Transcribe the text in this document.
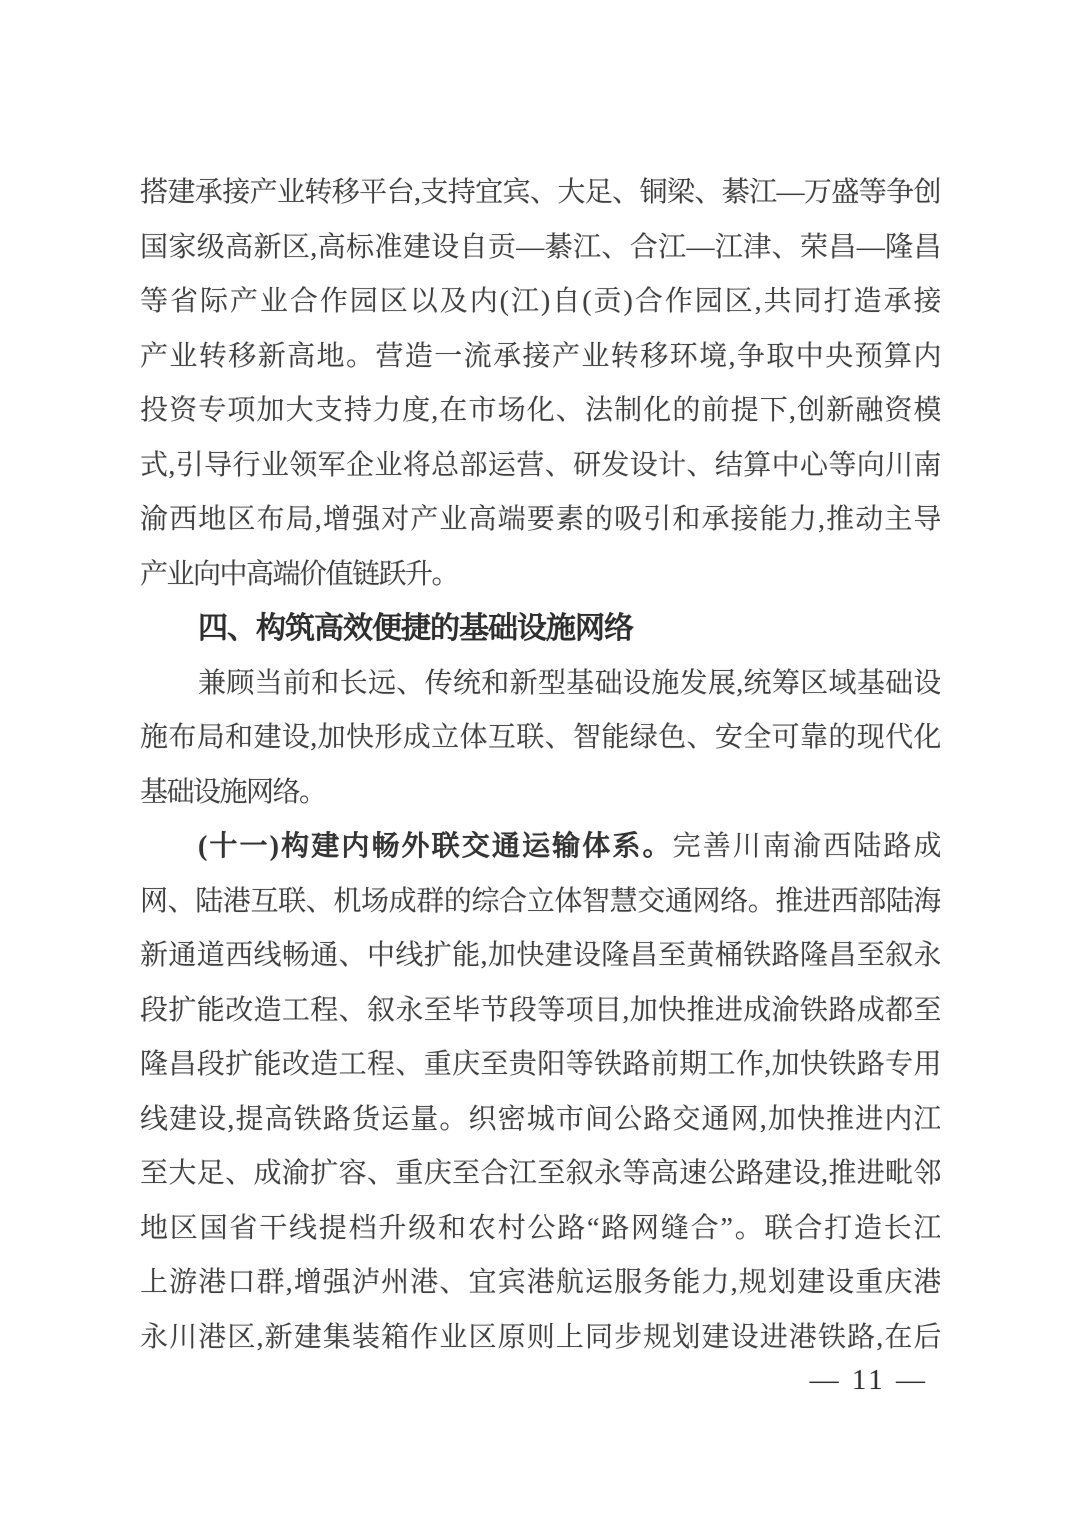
搭建承接产业转移平台,支持宜宾、大足、铜梁、綦江—万盛等争创
国家级高新区,高标准建设自贡—綦江、合江—江津、荣昌—隆昌
等省际产业合作园区以及内(江)自(贡)合作园区,共同打造承接
产业转移新高地。营造一流承接产业转移环境,争取中央预算内
投资专项加大支持力度,在市场化、法制化的前提下,创新融资模
式,引导行业领军企业将总部运营、研发设计、结算中心等向川南
渝西地区布局,增强对产业高端要素的吸引和承接能力,推动主导
产业向中高端价值链跃升。
四、构筑高效便捷的基础设施网络
兼顾当前和长远、传统和新型基础设施发展,统筹区域基础设
施布局和建设,加快形成立体互联、智能绿色、安全可靠的现代化
基础设施网络。
(十一)构建内畅外联交通运输体系。完善川南渝西陆路成
网、陆港互联、机场成群的综合立体智慧交通网络。推进西部陆海
新通道西线畅通、中线扩能,加快建设隆昌至黄桶铁路隆昌至叙永
段扩能改造工程、叙永至毕节段等项目,加快推进成渝铁路成都至
隆昌段扩能改造工程、重庆至贵阳等铁路前期工作,加快铁路专用
线建设,提高铁路货运量。织密城市间公路交通网,加快推进内江
至大足、成渝扩容、重庆至合江至叙永等高速公路建设,推进毗邻
地区国省干线提档升级和农村公路“路网缝合”。联合打造长江
上游港口群,增强泸州港、宜宾港航运服务能力,规划建设重庆港
永川港区,新建集装箱作业区原则上同步规划建设进港铁路,在后
— 11 —
